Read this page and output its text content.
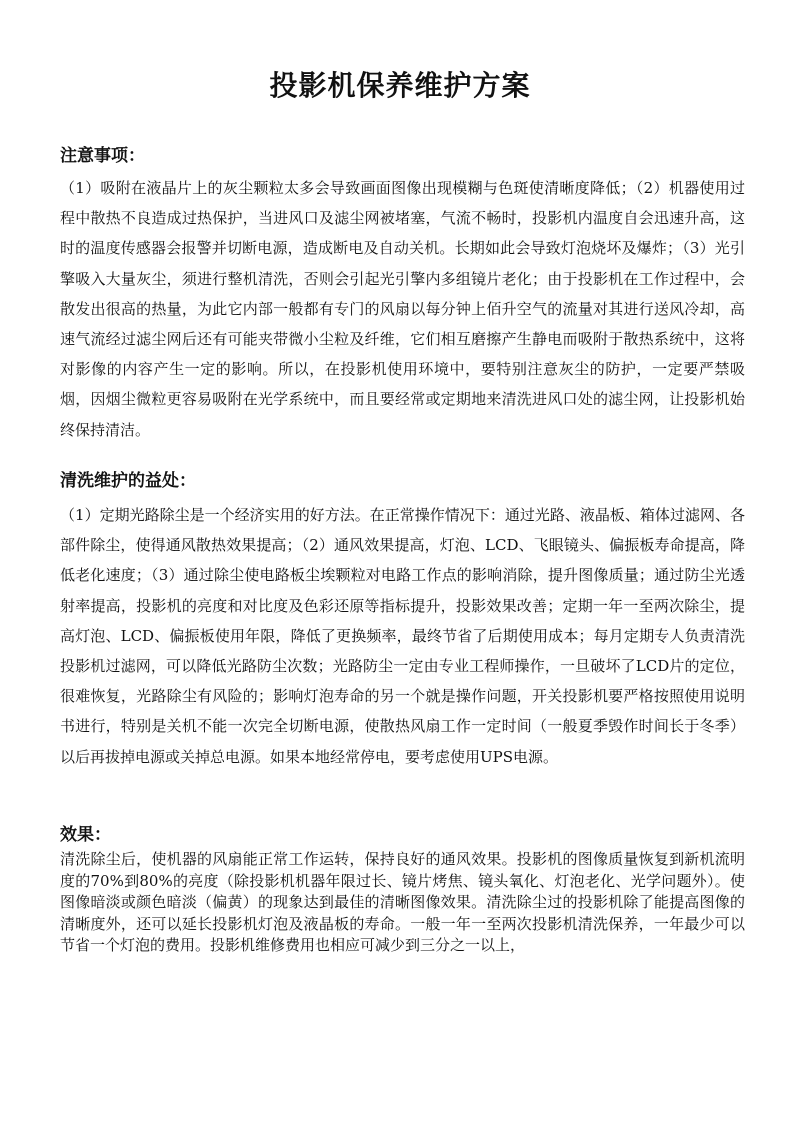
投影机保养维护方案
注意事项：

（1）吸附在液晶片上的灰尘颗粒太多会导致画面图像出现模糊与色斑使清晰度降低；（2）机器使用过程中散热不良造成过热保护，当进风口及滤尘网被堵塞，气流不畅时，投影机内温度自会迅速升高，这时的温度传感器会报警并切断电源，造成断电及自动关机。长期如此会导致灯泡烧坏及爆炸；（3）光引擎吸入大量灰尘，须进行整机清洗，否则会引起光引擎内多组镜片老化；由于投影机在工作过程中，会散发出很高的热量，为此它内部一般都有专门的风扇以每分钟上佰升空气的流量对其进行送风冷却，高速气流经过滤尘网后还有可能夹带微小尘粒及纤维，它们相互磨擦产生静电而吸附于散热系统中，这将对影像的内容产生一定的影响。所以，在投影机使用环境中，要特别注意灰尘的防护，一定要严禁吸烟，因烟尘微粒更容易吸附在光学系统中，而且要经常或定期地来清洗进风口处的滤尘网，让投影机始终保持清洁。

清洗维护的益处：

（1）定期光路除尘是一个经济实用的好方法。在正常操作情况下：通过光路、液晶板、箱体过滤网、各部件除尘，使得通风散热效果提高；（2）通风效果提高，灯泡、LCD、飞眼镜头、偏振板寿命提高，降低老化速度；（3）通过除尘使电路板尘埃颗粒对电路工作点的影响消除，提升图像质量；通过防尘光透射率提高，投影机的亮度和对比度及色彩还原等指标提升，投影效果改善；定期一年一至两次除尘，提高灯泡、LCD、偏振板使用年限，降低了更换频率，最终节省了后期使用成本；每月定期专人负责清洗投影机过滤网，可以降低光路防尘次数；光路防尘一定由专业工程师操作，一旦破坏了LCD片的定位，很难恢复，光路除尘有风险的；影响灯泡寿命的另一个就是操作问题，开关投影机要严格按照使用说明书进行，特别是关机不能一次完全切断电源，使散热风扇工作一定时间（一般夏季毁作时间长于冬季）以后再拔掉电源或关掉总电源。如果本地经常停电，要考虑使用UPS电源。

效果：

清洗除尘后，使机器的风扇能正常工作运转，保持良好的通风效果。投影机的图像质量恢复到新机流明度的70%到80%的亮度（除投影机机器年限过长、镜片烤焦、镜头氧化、灯泡老化、光学问题外）。使图像暗淡或颜色暗淡（偏黄）的现象达到最佳的清晰图像效果。清洗除尘过的投影机除了能提高图像的清晰度外，还可以延长投影机灯泡及液晶板的寿命。一般一年一至两次投影机清洗保养，一年最少可以节省一个灯泡的费用。投影机维修费用也相应可减少到三分之一以上，
